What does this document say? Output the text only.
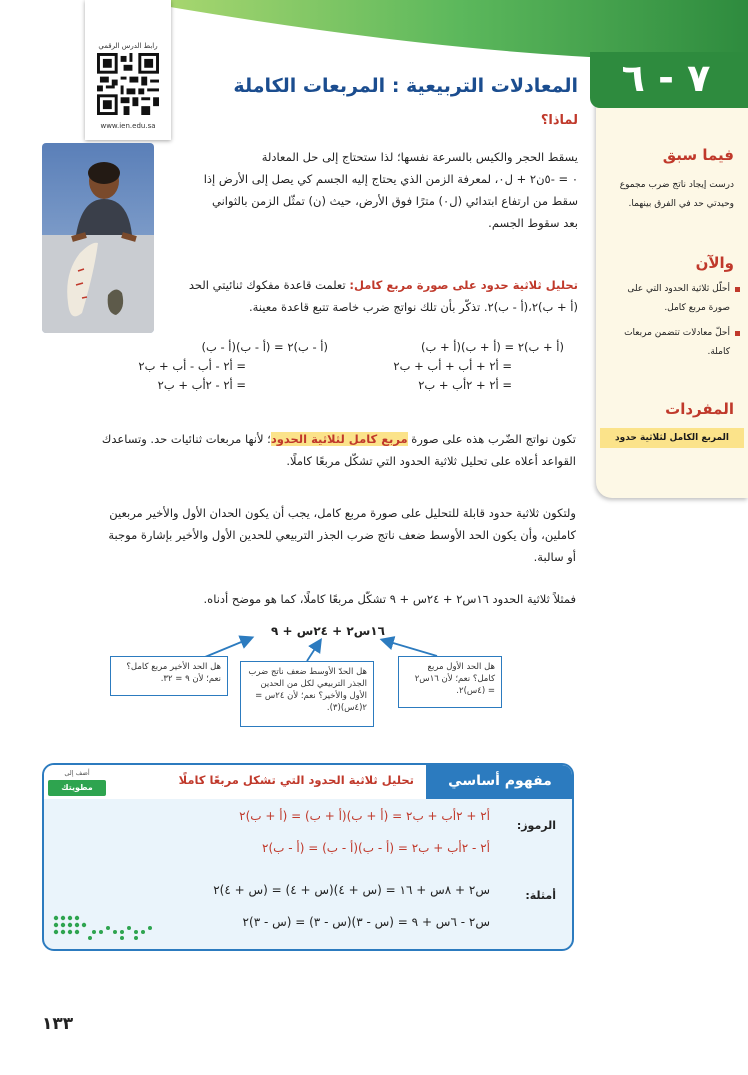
٧ - ٦
المعادلات التربيعية : المربعات الكاملة
رابط الدرس الرقمي
www.ien.edu.sa
فيما سبق
درست إيجاد ناتج ضرب مجموع وحيدتي حد في الفرق بينهما.
والآن
أحلّل ثلاثية الحدود التي على صورة مربع كامل.
أحلّ معادلات تتضمن مربعات كاملة.
المفردات
المربع الكامل لثلاثية حدود
لماذا؟
يسقط الحجر والكيس بالسرعة نفسها؛ لذا ستحتاج إلى حل المعادلة
٠ = -٥ن٢ + ل٠، لمعرفة الزمن الذي يحتاج إليه الجسم كي يصل إلى الأرض إذا
سقط من ارتفاع ابتدائي (ل٠) مترًا فوق الأرض، حيث (ن) تمثّل الزمن بالثواني
بعد سقوط الجسم.
تحليل ثلاثية حدود على صورة مربع كامل: تعلمت قاعدة مفكوك ثنائيتي الحد
(أ + ب)٢،(أ - ب)٢. تذكّر بأن تلك نواتج ضرب خاصة تتبع قاعدة معينة.
(أ + ب)٢ = (أ + ب)(أ + ب)
= أ٢ + أب + أب + ب٢
= أ٢ + ٢أب + ب٢
(أ - ب)٢ = (أ - ب)(أ - ب)
= أ٢ - أب - أب + ب٢
= أ٢ - ٢أب + ب٢
تكون نواتج الضّرب هذه على صورة مربع كامل لثلاثية الحدود؛ لأنها مربعات ثنائيات حد. وتساعدك
القواعد أعلاه على تحليل ثلاثية الحدود التي تشكّل مربعًا كاملًا.
ولتكون ثلاثية حدود قابلة للتحليل على صورة مربع كامل، يجب أن يكون الحدان الأول والأخير مربعين
كاملين، وأن يكون الحد الأوسط ضعف ناتج ضرب الجذر التربيعي للحدين الأول والأخير بإشارة موجبة
أو سالبة.
فمثلاً ثلاثية الحدود ١٦س٢ + ٢٤س + ٩ تشكّل مربعًا كاملًا، كما هو موضح أدناه.
١٦س٢ + ٢٤س + ٩
هل الحد الأول مربع كامل؟ نعم؛ لأن ١٦س٢ = (٤س)٢.
هل الحدّ الأوسط ضعف ناتج ضرب الجذر التربيعي لكل من الحدين الأول والأخير؟ نعم؛ لأن ٢٤س = ٢(٤س)(٣).
هل الحد الأخير مربع كامل؟ نعم؛ لأن ٩ = ٣٢.
مفهوم أساسي
تحليل ثلاثية الحدود التي تشكل مربعًا كاملًا
أضف إلى
مطويتك
الرموز:
أ٢ + ٢أب + ب٢ = (أ + ب)(أ + ب) = (أ + ب)٢
أ٢ - ٢أب + ب٢ = (أ - ب)(أ - ب) = (أ - ب)٢
أمثلة:
س٢ + ٨س + ١٦ = (س + ٤)(س + ٤) = (س + ٤)٢
س٢ - ٦س + ٩ = (س - ٣)(س - ٣) = (س - ٣)٢
١٣٣
